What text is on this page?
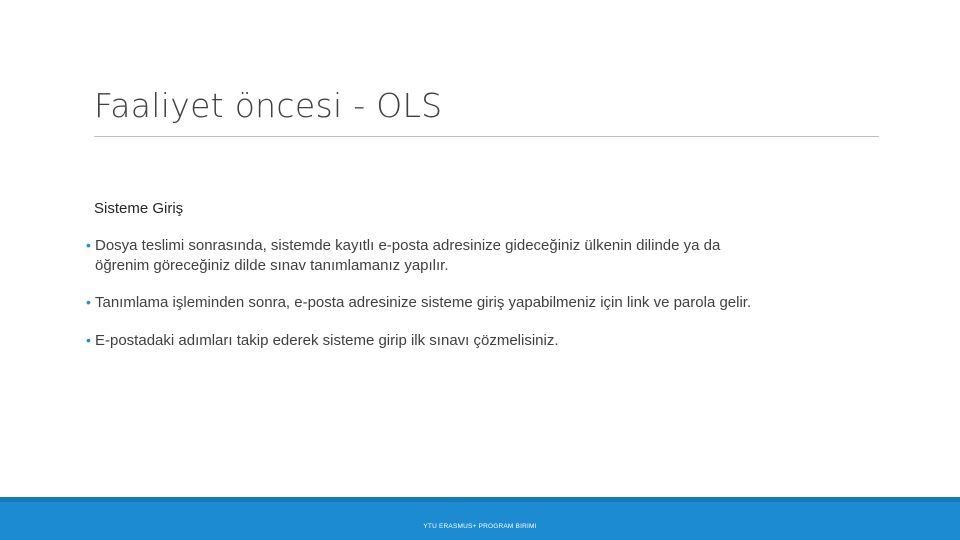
Faaliyet öncesi - OLS
Sisteme Giriş
• Dosya teslimi sonrasında, sistemde kayıtlı e-posta adresinize gideceğiniz ülkenin dilinde ya da öğrenim göreceğiniz dilde sınav tanımlamanız yapılır.
• Tanımlama işleminden sonra, e-posta adresinize sisteme giriş yapabilmeniz için link ve parola gelir.
• E-postadaki adımları takip ederek sisteme girip ilk sınavı çözmelisiniz.
YTU ERASMUS+ PROGRAM BIRIMI
